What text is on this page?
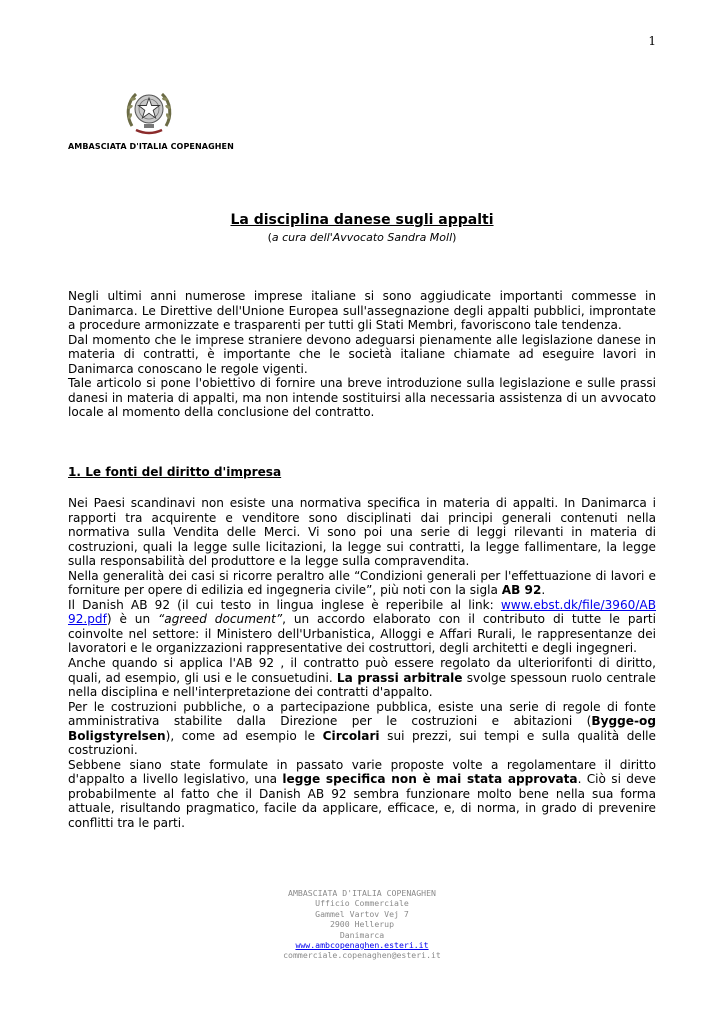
1
AMBASCIATA D'ITALIA COPENAGHEN
La disciplina danese sugli appalti
(a cura dell'Avvocato Sandra Moll)

Negli ultimi anni numerose imprese italiane si sono aggiudicate importanti commesse in Danimarca. Le Direttive dell'Unione Europea sull'assegnazione degli appalti pubblici, improntate a procedure armonizzate e trasparenti per tutti gli Stati Membri, favoriscono tale tendenza.

Dal momento che le imprese straniere devono adeguarsi pienamente alle legislazione danese in materia di contratti, è importante che le società italiane chiamate ad eseguire lavori in Danimarca conoscano le regole vigenti.

Tale articolo si pone l'obiettivo di fornire una breve introduzione sulla legislazione e sulle prassi danesi in materia di appalti, ma non intende sostituirsi alla necessaria assistenza di un avvocato locale al momento della conclusione del contratto.

1. Le fonti del diritto d'impresa

Nei Paesi scandinavi non esiste una normativa specifica in materia di appalti. In Danimarca i rapporti tra acquirente e venditore sono disciplinati dai principi generali contenuti nella normativa sulla Vendita delle Merci. Vi sono poi una serie di leggi rilevanti in materia di costruzioni, quali la legge sulle licitazioni, la legge sui contratti, la legge fallimentare, la legge sulla responsabilità del produttore e la legge sulla compravendita.

Nella generalità dei casi si ricorre peraltro alle “Condizioni generali per l'effettuazione di lavori e forniture per opere di edilizia ed ingegneria civile”, più noti con la sigla AB 92.

Il Danish AB 92 (il cui testo in lingua inglese è reperibile al link: www.ebst.dk/file/3960/AB 92.pdf) è un “agreed document”, un accordo elaborato con il contributo di tutte le parti coinvolte nel settore: il Ministero dell'Urbanistica, Alloggi e Affari Rurali, le rappresentanze dei lavoratori e le organizzazioni rappresentative dei costruttori, degli architetti e degli ingegneri.

Anche quando si applica l'AB 92 , il contratto può essere regolato da ulteriorifonti di diritto, quali, ad esempio, gli usi e le consuetudini. La prassi arbitrale svolge spessoun ruolo centrale nella disciplina e nell'interpretazione dei contratti d'appalto.

Per le costruzioni pubbliche, o a partecipazione pubblica, esiste una serie di regole di fonte amministrativa stabilite dalla Direzione per le costruzioni e abitazioni (Bygge-og Boligstyrelsen), come ad esempio le Circolari sui prezzi, sui tempi e sulla qualità delle costruzioni.

Sebbene siano state formulate in passato varie proposte volte a regolamentare il diritto d'appalto a livello legislativo, una legge specifica non è mai stata approvata. Ciò si deve probabilmente al fatto che il Danish AB 92 sembra funzionare molto bene nella sua forma attuale, risultando pragmatico, facile da applicare, efficace, e, di norma, in grado di prevenire conflitti tra le parti.

AMBASCIATA D'ITALIA COPENAGHEN
Ufficio Commerciale
Gammel Vartov Vej 7
2900 Hellerup
Danimarca
www.ambcopenaghen.esteri.it
commerciale.copenaghen@esteri.it
